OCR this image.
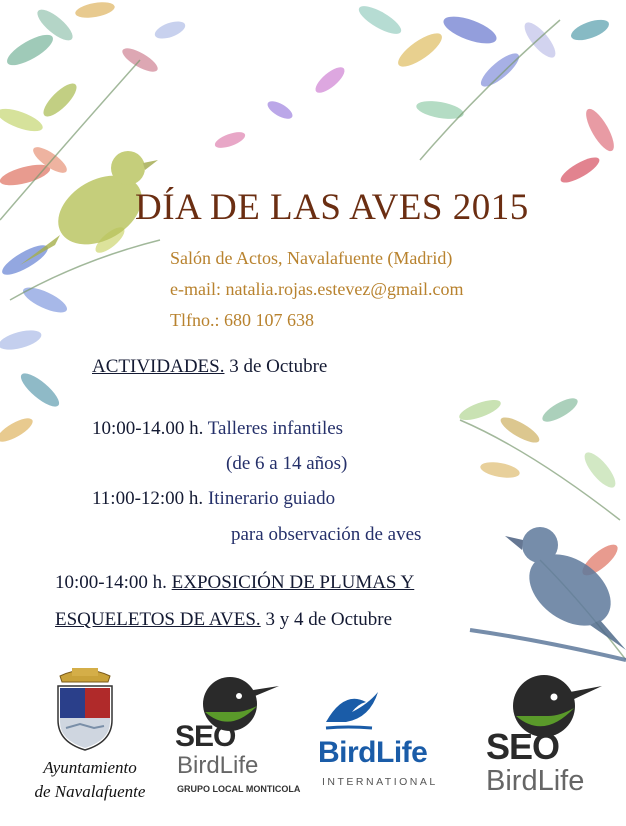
DÍA DE LAS AVES 2015
Salón de Actos, Navalafuente (Madrid)
e-mail: natalia.rojas.estevez@gmail.com
Tlfno.: 680 107 638
ACTIVIDADES. 3 de Octubre
10:00-14.00 h. Talleres infantiles
(de 6 a 14 años)
11:00-12:00 h. Itinerario guiado
para observación de aves
10:00-14:00 h. EXPOSICIÓN DE PLUMAS Y
ESQUELETOS DE AVES. 3 y 4 de Octubre
Ayuntamiento
de Navalafuente
SEO
BirdLife
GRUPO LOCAL MONTICOLA
BirdLife
INTERNATIONAL
SEO
BirdLife
